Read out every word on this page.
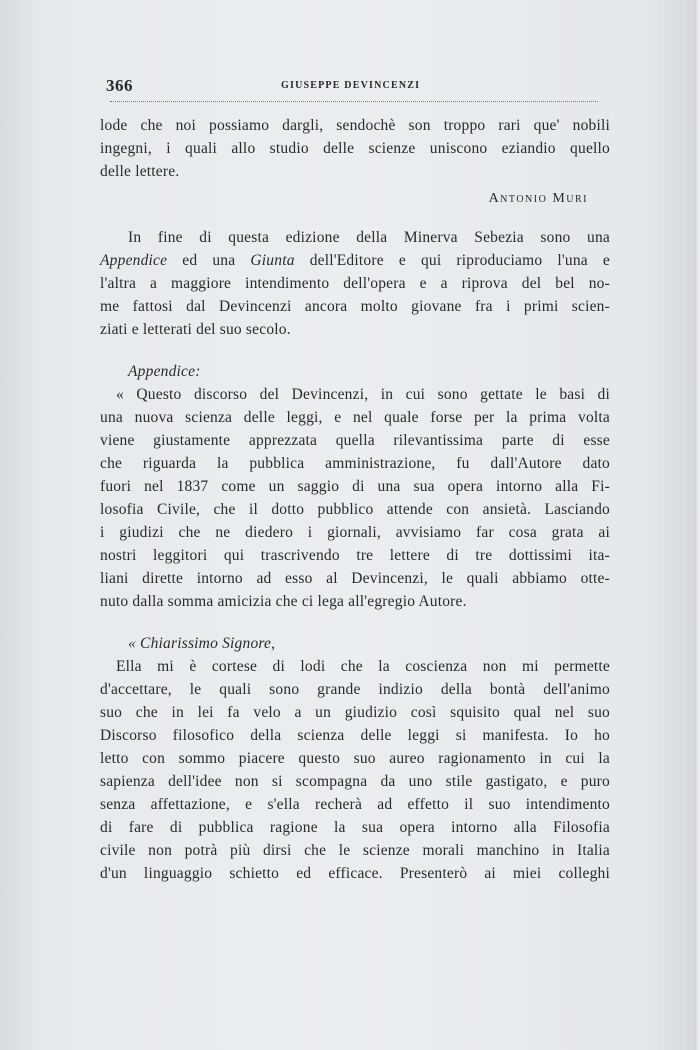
366	GIUSEPPE DEVINCENZI
lode che noi possiamo dargli, sendochè son troppo rari que' nobili
ingegni, i quali allo studio delle scienze uniscono eziandio quello
delle lettere.
Antonio Muri
In fine di questa edizione della Minerva Sebezia sono una
Appendice ed una Giunta dell'Editore e qui riproduciamo l'una e
l'altra a maggiore intendimento dell'opera e a riprova del bel no-
me fattosi dal Devincenzi ancora molto giovane fra i primi scien-
ziati e letterati del suo secolo.
Appendice:
« Questo discorso del Devincenzi, in cui sono gettate le basi di
una nuova scienza delle leggi, e nel quale forse per la prima volta
viene giustamente apprezzata quella rilevantissima parte di esse
che riguarda la pubblica amministrazione, fu dall'Autore dato
fuori nel 1837 come un saggio di una sua opera intorno alla Fi-
losofia Civile, che il dotto pubblico attende con ansietà. Lasciando
i giudizi che ne diedero i giornali, avvisiamo far cosa grata ai
nostri leggitori qui trascrivendo tre lettere di tre dottissimi ita-
liani dirette intorno ad esso al Devincenzi, le quali abbiamo otte-
nuto dalla somma amicizia che ci lega all'egregio Autore.
« Chiarissimo Signore,
Ella mi è cortese di lodi che la coscienza non mi permette
d'accettare, le quali sono grande indizio della bontà dell'animo
suo che in lei fa velo a un giudizio così squisito qual nel suo
Discorso filosofico della scienza delle leggi si manifesta. Io ho
letto con sommo piacere questo suo aureo ragionamento in cui la
sapienza dell'idee non si scompagna da uno stile gastigato, e puro
senza affettazione, e s'ella recherà ad effetto il suo intendimento
di fare di pubblica ragione la sua opera intorno alla Filosofia
civile non potrà più dirsi che le scienze morali manchino in Italia
d'un linguaggio schietto ed efficace. Presenterò ai miei colleghi
